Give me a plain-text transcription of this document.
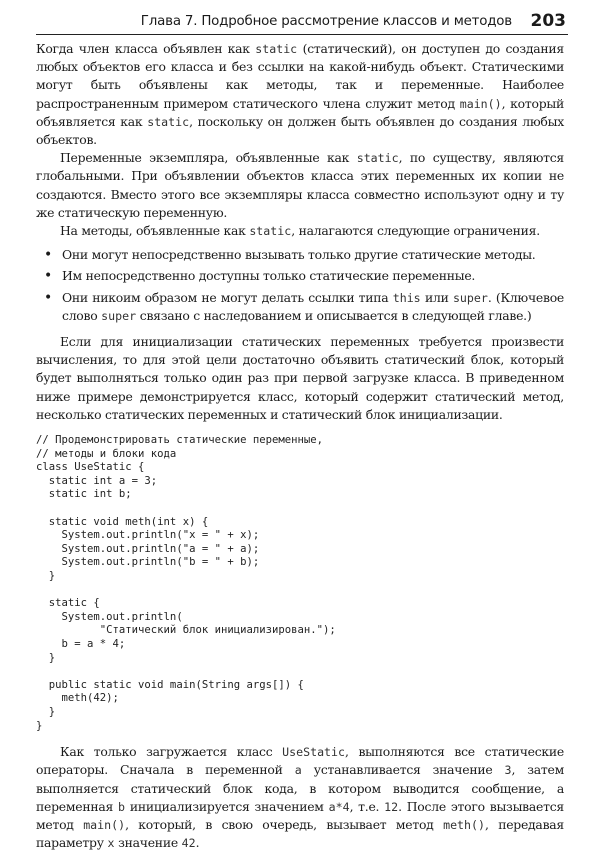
Глава 7. Подробное рассмотрение классов и методов 203

Когда член класса объявлен как static (статический), он доступен до создания любых объектов его класса и без ссылки на какой-нибудь объект. Статическими могут быть объявлены как методы, так и переменные. Наиболее распространенным примером статического члена служит метод main(), который объявляется как static, поскольку он должен быть объявлен до создания любых объектов.

Переменные экземпляра, объявленные как static, по существу, являются глобальными. При объявлении объектов класса этих переменных их копии не создаются. Вместо этого все экземпляры класса совместно используют одну и ту же статическую переменную.

На методы, объявленные как static, налагаются следующие ограничения.

• Они могут непосредственно вызывать только другие статические методы.
• Им непосредственно доступны только статические переменные.
• Они никоим образом не могут делать ссылки типа this или super. (Ключевое слово super связано с наследованием и описывается в следующей главе.)

Если для инициализации статических переменных требуется произвести вычисления, то для этой цели достаточно объявить статический блок, который будет выполняться только один раз при первой загрузке класса. В приведенном ниже примере демонстрируется класс, который содержит статический метод, несколько статических переменных и статический блок инициализации.

// Продемонстрировать статические переменные,
// методы и блоки кода
class UseStatic {
static int a = 3;
static int b;

static void meth(int x) {
System.out.println("x = " + x);
System.out.println("a = " + a);
System.out.println("b = " + b);
}

static {
System.out.println(
"Статический блок инициализирован.");
b = a * 4;
}

public static void main(String args[]) {
meth(42);
}
}

Как только загружается класс UseStatic, выполняются все статические операторы. Сначала в переменной a устанавливается значение 3, затем выполняется статический блок кода, в котором выводится сообщение, а переменная b инициализируется значением a*4, т.е. 12. После этого вызывается метод main(), который, в свою очередь, вызывает метод meth(), передавая параметру x значение 42.
